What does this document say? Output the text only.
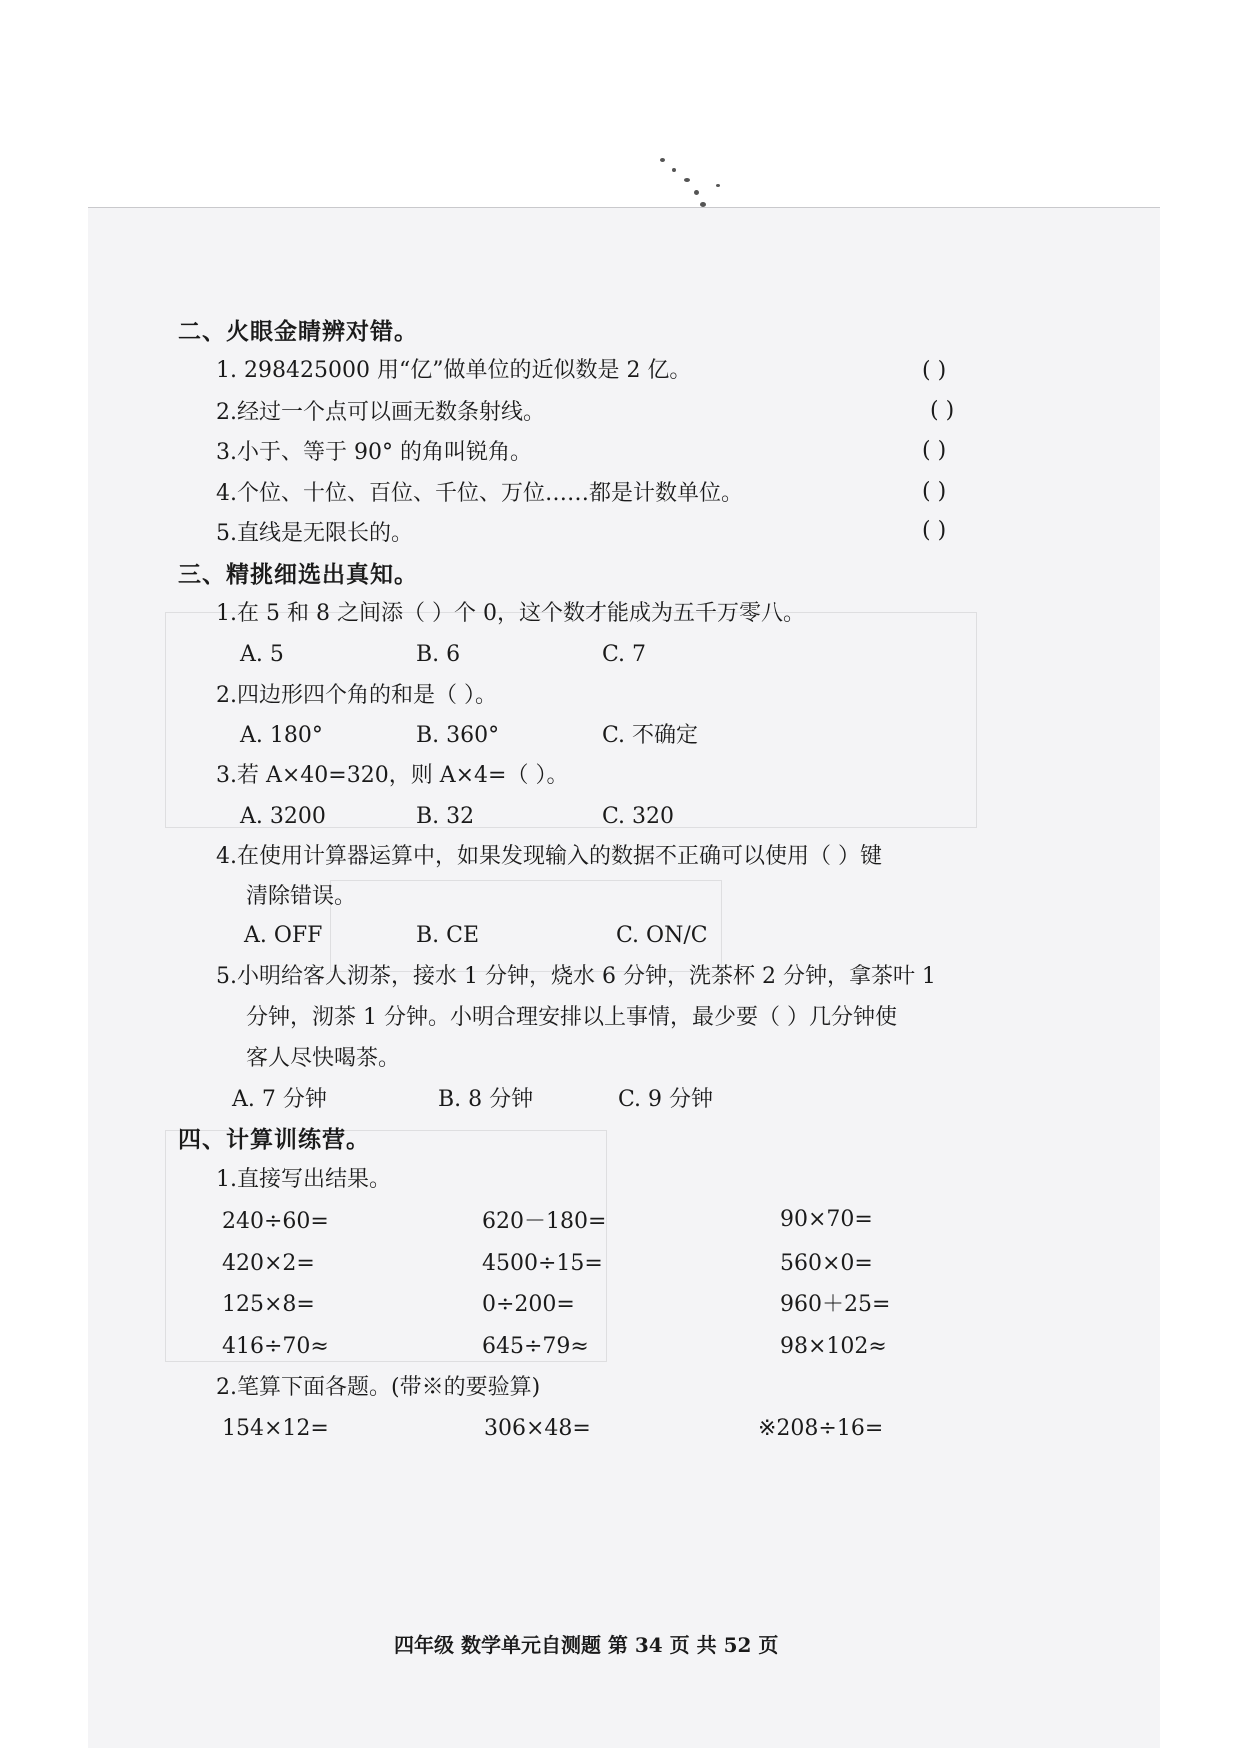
二、火眼金睛辨对错。
1. 298425000 用“亿”做单位的近似数是 2 亿。	( )
2.经过一个点可以画无数条射线。	( )
3.小于、等于 90° 的角叫锐角。	( )
4.个位、十位、百位、千位、万位……都是计数单位。	( )
5.直线是无限长的。	( )
三、精挑细选出真知。
1.在 5 和 8 之间添（ ）个 0，这个数才能成为五千万零八。
A. 5	B. 6	C. 7
2.四边形四个角的和是（ ）。
A. 180°	B. 360°	C. 不确定
3.若 A×40=320，则 A×4=（ ）。
A. 3200	B. 32	C. 320
4.在使用计算器运算中，如果发现输入的数据不正确可以使用（ ）键
清除错误。
A. OFF	B. CE	C. ON/C
5.小明给客人沏茶，接水 1 分钟，烧水 6 分钟，洗茶杯 2 分钟，拿茶叶 1
分钟，沏茶 1 分钟。小明合理安排以上事情，最少要（ ）几分钟使
客人尽快喝茶。
A. 7 分钟	B. 8 分钟	C. 9 分钟
四、计算训练营。
1.直接写出结果。
240÷60=	620－180=	90×70=
420×2=	4500÷15=	560×0=
125×8=	0÷200=	960＋25=
416÷70≈	645÷79≈	98×102≈
2.笔算下面各题。(带※的要验算)
154×12=	306×48=	※208÷16=
四年级 数学单元自测题 第 34 页 共 52 页
